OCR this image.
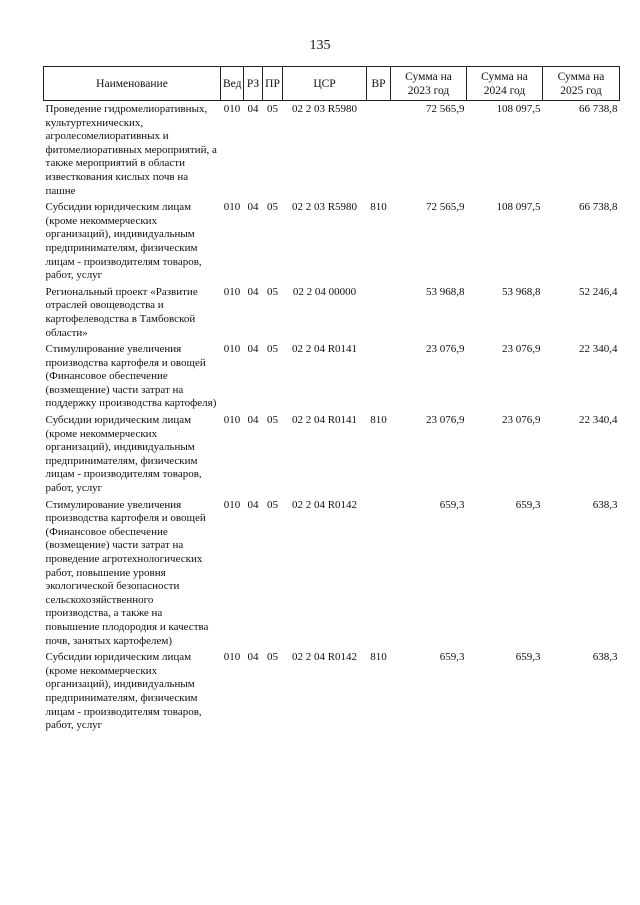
135
Наименование	Вед	РЗ	ПР	ЦСР	ВР	Сумма на 2023 год	Сумма на 2024 год	Сумма на 2025 год
Проведение гидромелиоративных, культуртехнических, агролесомелиоративных и фитомелиоративных мероприятий, а также мероприятий в области известкования кислых почв на пашне	010	04	05	02 2 03 R5980		72 565,9	108 097,5	66 738,8
Субсидии юридическим лицам (кроме некоммерческих организаций), индивидуальным предпринимателям, физическим лицам - производителям товаров, работ, услуг	010	04	05	02 2 03 R5980	810	72 565,9	108 097,5	66 738,8
Региональный проект «Развитие отраслей овощеводства и картофелеводства в Тамбовской области»	010	04	05	02 2 04 00000		53 968,8	53 968,8	52 246,4
Стимулирование увеличения производства картофеля и овощей (Финансовое обеспечение (возмещение) части затрат на поддержку производства картофеля)	010	04	05	02 2 04 R0141		23 076,9	23 076,9	22 340,4
Субсидии юридическим лицам (кроме некоммерческих организаций), индивидуальным предпринимателям, физическим лицам - производителям товаров, работ, услуг	010	04	05	02 2 04 R0141	810	23 076,9	23 076,9	22 340,4
Стимулирование увеличения производства картофеля и овощей (Финансовое обеспечение (возмещение) части затрат на проведение агротехнологических работ, повышение уровня экологической безопасности сельскохозяйственного производства, а также на повышение плодородия и качества почв, занятых картофелем)	010	04	05	02 2 04 R0142		659,3	659,3	638,3
Субсидии юридическим лицам (кроме некоммерческих организаций), индивидуальным предпринимателям, физическим лицам - производителям товаров, работ, услуг	010	04	05	02 2 04 R0142	810	659,3	659,3	638,3
